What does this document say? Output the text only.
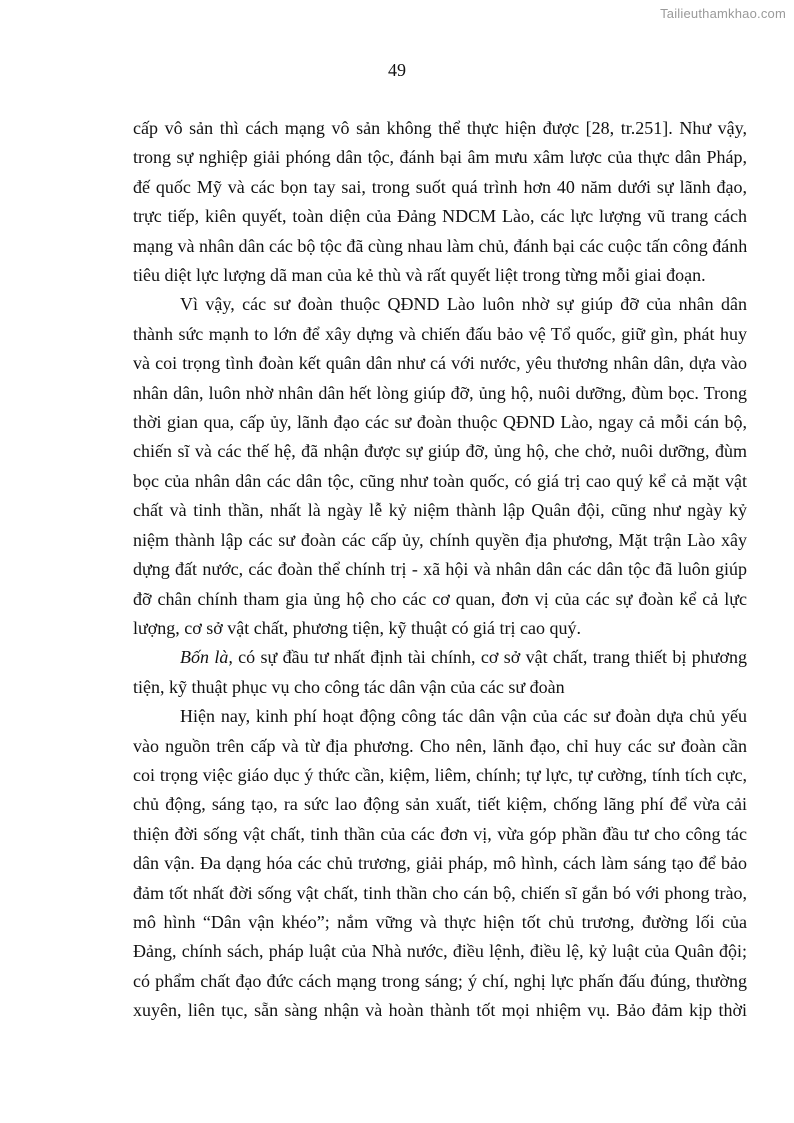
Tailieuthamkhao.com
49
cấp vô sản thì cách mạng vô sản không thể thực hiện được [28, tr.251]. Như vậy,
trong sự nghiệp giải phóng dân tộc, đánh bại âm mưu xâm lược của thực dân Pháp,
đế quốc Mỹ và các bọn tay sai, trong suốt quá trình hơn 40 năm dưới sự lãnh đạo,
trực tiếp, kiên quyết, toàn diện của Đảng NDCM Lào, các lực lượng vũ trang cách
mạng và nhân dân các bộ tộc đã cùng nhau làm chủ, đánh bại các cuộc tấn công đánh
tiêu diệt lực lượng dã man của kẻ thù và rất quyết liệt trong từng mỗi giai đoạn.
Vì vậy, các sư đoàn thuộc QĐND Lào luôn nhờ sự giúp đỡ của nhân dân
thành sức mạnh to lớn để xây dựng và chiến đấu bảo vệ Tổ quốc, giữ gìn, phát huy
và coi trọng tình đoàn kết quân dân như cá với nước, yêu thương nhân dân, dựa vào
nhân dân, luôn nhờ nhân dân hết lòng giúp đỡ, ủng hộ, nuôi dưỡng, đùm bọc. Trong
thời gian qua, cấp ủy, lãnh đạo các sư đoàn thuộc QĐND Lào, ngay cả mỗi cán bộ,
chiến sĩ và các thế hệ, đã nhận được sự giúp đỡ, ủng hộ, che chở, nuôi dưỡng, đùm
bọc của nhân dân các dân tộc, cũng như toàn quốc, có giá trị cao quý kể cả mặt vật
chất và tinh thần, nhất là ngày lễ kỷ niệm thành lập Quân đội, cũng như ngày kỷ
niệm thành lập các sư đoàn các cấp ủy, chính quyền địa phương, Mặt trận Lào xây
dựng đất nước, các đoàn thể chính trị - xã hội và nhân dân các dân tộc đã luôn giúp
đỡ chân chính tham gia ủng hộ cho các cơ quan, đơn vị của các sự đoàn kể cả lực
lượng, cơ sở vật chất, phương tiện, kỹ thuật có giá trị cao quý.
Bốn là, có sự đầu tư nhất định tài chính, cơ sở vật chất, trang thiết bị phương
tiện, kỹ thuật phục vụ cho công tác dân vận của các sư đoàn
Hiện nay, kinh phí hoạt động công tác dân vận của các sư đoàn dựa chủ yếu
vào nguồn trên cấp và từ địa phương. Cho nên, lãnh đạo, chỉ huy các sư đoàn cần
coi trọng việc giáo dục ý thức cần, kiệm, liêm, chính; tự lực, tự cường, tính tích cực,
chủ động, sáng tạo, ra sức lao động sản xuất, tiết kiệm, chống lãng phí để vừa cải
thiện đời sống vật chất, tinh thần của các đơn vị, vừa góp phần đầu tư cho công tác
dân vận. Đa dạng hóa các chủ trương, giải pháp, mô hình, cách làm sáng tạo để bảo
đảm tốt nhất đời sống vật chất, tinh thần cho cán bộ, chiến sĩ gắn bó với phong trào,
mô hình “Dân vận khéo”; nắm vững và thực hiện tốt chủ trương, đường lối của
Đảng, chính sách, pháp luật của Nhà nước, điều lệnh, điều lệ, kỷ luật của Quân đội;
có phẩm chất đạo đức cách mạng trong sáng; ý chí, nghị lực phấn đấu đúng, thường
xuyên, liên tục, sẵn sàng nhận và hoàn thành tốt mọi nhiệm vụ. Bảo đảm kịp thời
